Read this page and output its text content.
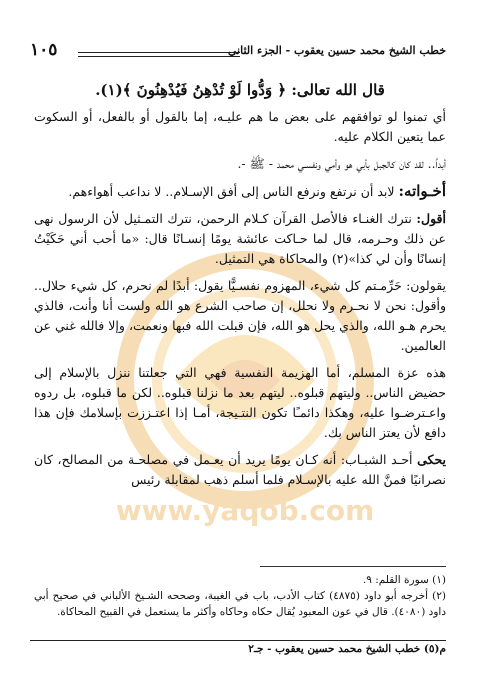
خطب الشيخ محمد حسين يعقوب - الجزء الثاني
١٠٥
www.yaqob.com

قال الله تعالى: ﴿ وَدُّوا لَوْ تُدْهِنُ فَيُدْهِنُونَ ﴾(١).

أي تمنوا لو توافقهم على بعض ما هم عليـه، إما بالقول أو بالفعل، أو السكوت عما يتعين الكلام عليه.

أبداً.. لقد كان كالجبل بأبي هو وأمي ونفسـي محمد - ﷺ -.

أخـواته: لابد أن نرتفع ونرفع الناس إلى أفق الإسـلام.. لا نداعب أهواءهم.

أقول: نترك الغنـاء فالأصل القرآن كـلام الرحمن، نترك التمـثيل لأن الرسول نهى عن ذلك وحـرمه، قال لما حـاكت عائشة يومًا إنسـانًا قال: «ما أحب أني حَكَيْتُ إنسانًا وأن لي كذا»(٢) والمحاكاة هي التمثيل.

يقولون: حَرِّمـتم كل شيء، المهزوم نفسـيًّا يقول: أبدًا لم نحرم، كل شيء حلال.. وأقول: نحن لا نحـرم ولا نحلل، إن صاحب الشرع هو الله ولست أنا وأنت، فالذي يحرم هـو الله، والذي يحل هو الله، فإن قبلت الله فبها ونعمت، وإلا فالله غني عن العالمين.

هذه عزة المسلم، أما الهزيمة النفسية فهي التي جعلتنا ننزل بالإسلام إلى حضيض الناس.. وليتهم قبلوه.. ليتهم بعد ما نزلنا قبلوه.. لكن ما قبلوه، بل ردوه واعـترضـوا عليه، وهكذا دائمـًا تكون النتـيجة، أمـا إذا اعتـززت بإسلامك فإن هذا دافع لأن يعتز الناس بك.

يحكى أحـد الشبـاب: أنه كـان يومًا يريد أن يعـمل في مصلحـة من المصالح، كان نصرانيًا فمنَّ الله عليه بالإسـلام فلما أسلم ذهب لمقابلة رئيس

(١) سورة القلم: ٩.

(٢) أخرجه أبو داود (٤٨٧٥) كتاب الأدب، باب في الغيبة، وصححه الشـيخ الألباني في صحيح أبي داود (٤٠٨٠). قال في عون المعبود يُقال حكاه وحاكاه وأكثر ما يستعمل في القبيح المحاكاة.

م(٥) خطب الشيخ محمد حسين يعقوب - جـ٢
